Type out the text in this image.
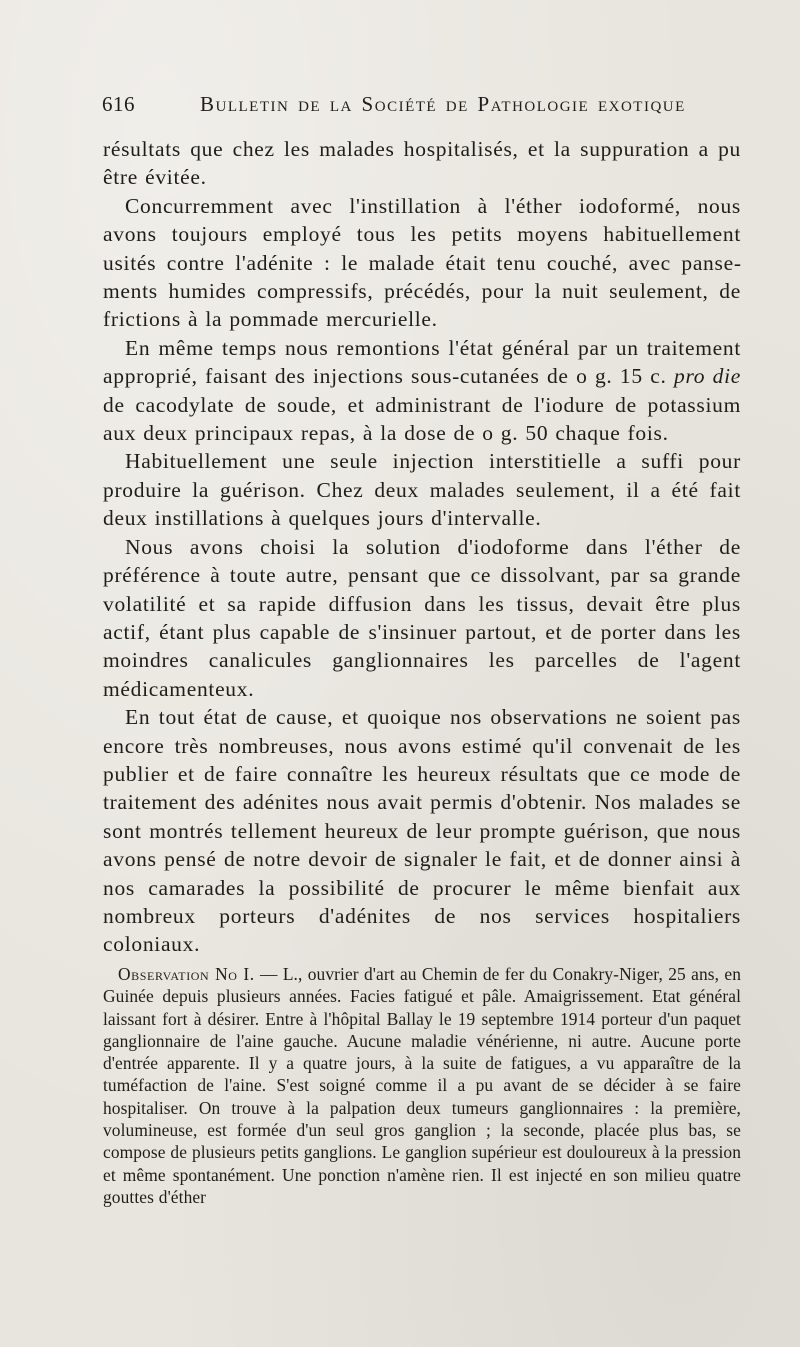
616	Bulletin de la Société de Pathologie exotique

résultats que chez les malades hospitalisés, et la suppuration a pu être évitée.

Concurremment avec l'instillation à l'éther iodoformé, nous avons toujours employé tous les petits moyens habituellement usités contre l'adénite : le malade était tenu couché, avec pansements humides compressifs, précédés, pour la nuit seulement, de frictions à la pommade mercurielle.

En même temps nous remontions l'état général par un traitement approprié, faisant des injections sous-cutanées de o g. 15 c. pro die de cacodylate de soude, et administrant de l'iodure de potassium aux deux principaux repas, à la dose de o g. 50 chaque fois.

Habituellement une seule injection interstitielle a suffi pour produire la guérison. Chez deux malades seulement, il a été fait deux instillations à quelques jours d'intervalle.

Nous avons choisi la solution d'iodoforme dans l'éther de préférence à toute autre, pensant que ce dissolvant, par sa grande volatilité et sa rapide diffusion dans les tissus, devait être plus actif, étant plus capable de s'insinuer partout, et de porter dans les moindres canalicules ganglionnaires les parcelles de l'agent médicamenteux.

En tout état de cause, et quoique nos observations ne soient pas encore très nombreuses, nous avons estimé qu'il convenait de les publier et de faire connaître les heureux résultats que ce mode de traitement des adénites nous avait permis d'obtenir. Nos malades se sont montrés tellement heureux de leur prompte guérison, que nous avons pensé de notre devoir de signaler le fait, et de donner ainsi à nos camarades la possibilité de procurer le même bienfait aux nombreux porteurs d'adénites de nos services hospitaliers coloniaux.

Observation No I. — L., ouvrier d'art au Chemin de fer du Conakry-Niger, 25 ans, en Guinée depuis plusieurs années. Facies fatigué et pâle. Amaigrissement. Etat général laissant fort à désirer. Entre à l'hôpital Ballay le 19 septembre 1914 porteur d'un paquet ganglionnaire de l'aine gauche. Aucune maladie vénérienne, ni autre. Aucune porte d'entrée apparente. Il y a quatre jours, à la suite de fatigues, a vu apparaître de la tuméfaction de l'aine. S'est soigné comme il a pu avant de se décider à se faire hospitaliser. On trouve à la palpation deux tumeurs ganglionnaires : la première, volumineuse, est formée d'un seul gros ganglion ; la seconde, placée plus bas, se compose de plusieurs petits ganglions. Le ganglion supérieur est douloureux à la pression et même spontanément. Une ponction n'amène rien. Il est injecté en son milieu quatre gouttes d'éther
